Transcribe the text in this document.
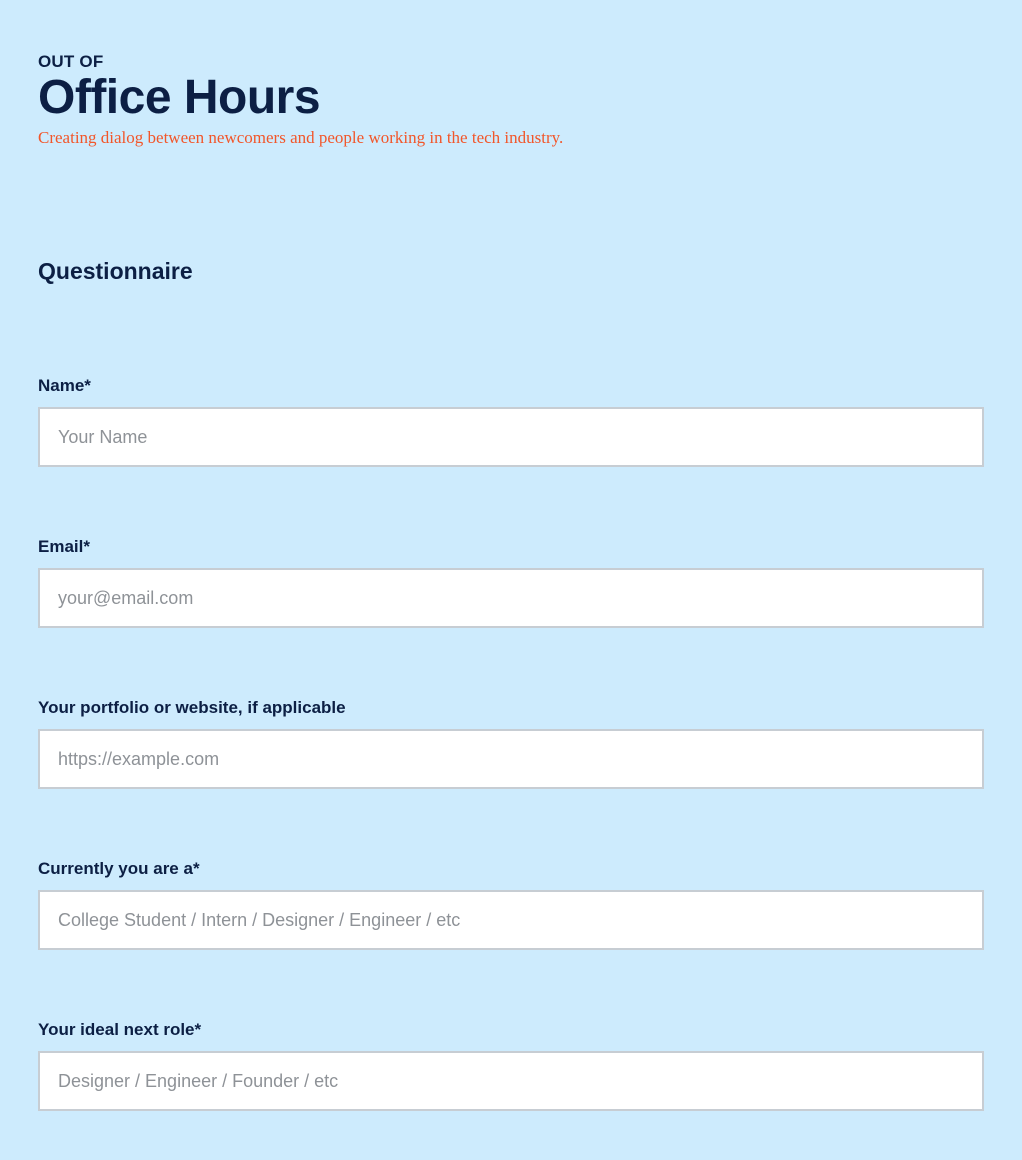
OUT OF
Office Hours
Creating dialog between newcomers and people working in the tech industry.
Questionnaire
Name*
Your Name
Email*
your@email.com
Your portfolio or website, if applicable
https://example.com
Currently you are a*
College Student / Intern / Designer / Engineer / etc
Your ideal next role*
Designer / Engineer / Founder / etc
